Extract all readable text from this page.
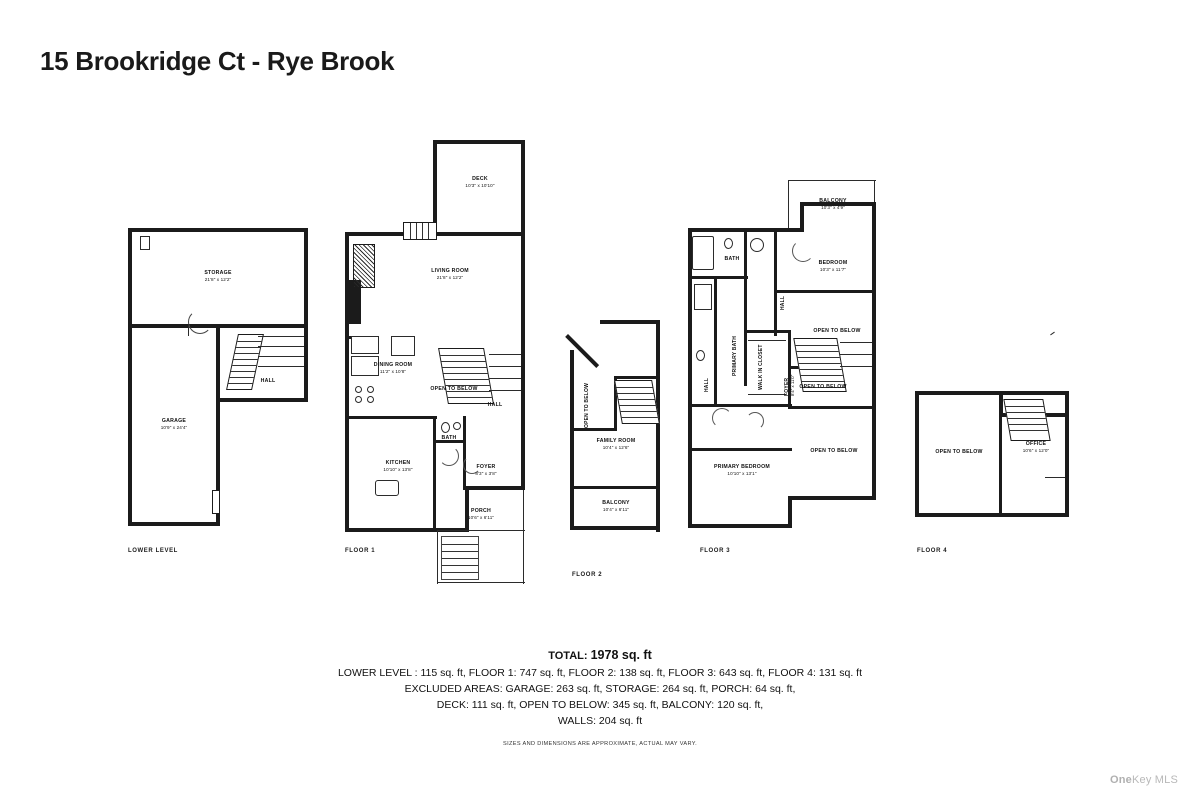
15 Brookridge Ct - Rye Brook
STORAGE
21'8" x 12'2"
GARAGE
10'9" x 24'4"
HALL
LOWER LEVEL
DECK
10'3" x 10'10"
LIVING ROOM
21'8" x 12'2"
DINING ROOM
11'2" x 10'8"
OPEN TO BELOW
HALL
KITCHEN
10'10" x 13'8"
BATH
FOYER
8'3" x 3'8"
PORCH
10'6" x 6'11"
FLOOR 1
OPEN TO BELOW
FAMILY ROOM
10'4" x 12'6"
BALCONY
10'4" x 6'11"
FLOOR 2
BALCONY
10'3" x 4'9"
BATH
BEDROOM
10'3" x 11'7"
PRIMARY BATH
HALL
HALL
WALK IN CLOSET	FOYER 8'4" x 11'0"
OPEN TO BELOW
OPEN TO BELOW
OPEN TO BELOW
PRIMARY BEDROOM
10'10" x 13'1"
FLOOR 3
OPEN TO BELOW
OFFICE
10'6" x 12'0"
FLOOR 4
TOTAL: 1978 sq. ft
LOWER LEVEL : 115 sq. ft, FLOOR 1: 747 sq. ft, FLOOR 2: 138 sq. ft, FLOOR 3: 643 sq. ft, FLOOR 4: 131 sq. ft
EXCLUDED AREAS: GARAGE: 263 sq. ft, STORAGE: 264 sq. ft, PORCH: 64 sq. ft,
DECK: 111 sq. ft, OPEN TO BELOW: 345 sq. ft, BALCONY: 120 sq. ft,
WALLS: 204 sq. ft
SIZES AND DIMENSIONS ARE APPROXIMATE, ACTUAL MAY VARY.
OneKey MLS
